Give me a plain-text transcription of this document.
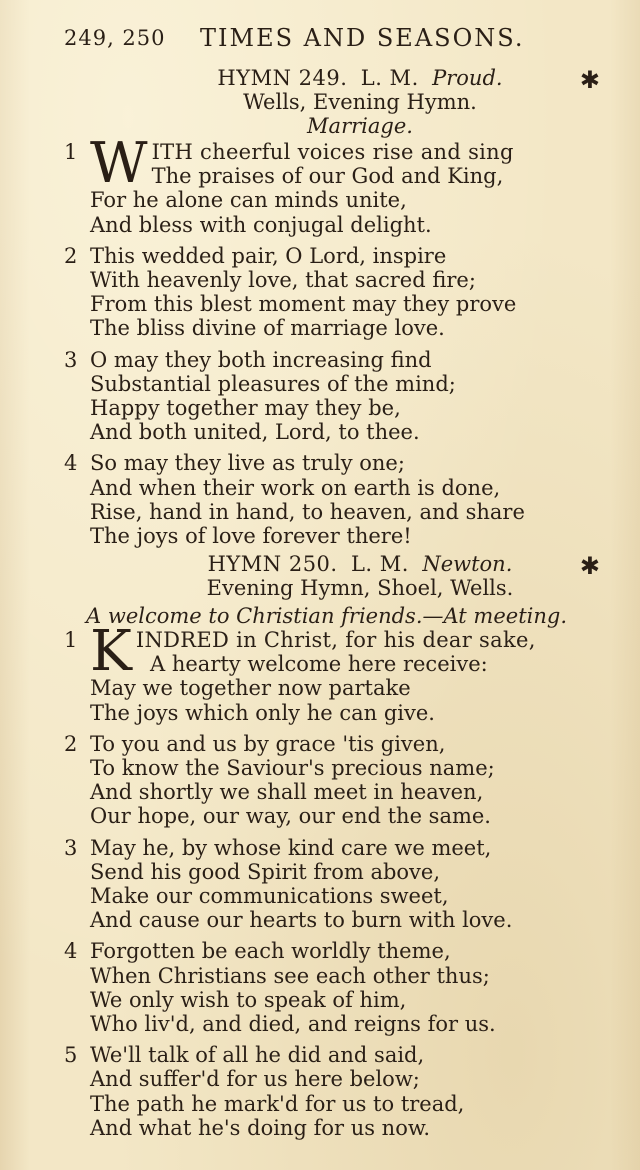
249, 250 TIMES AND SEASONS.
✱
HYMN 249. L. M. Proud.
Wells, Evening Hymn.
Marriage.
1 W ITH cheerful voices rise and sing
The praises of our God and King,
For he alone can minds unite,
And bless with conjugal delight.
2 This wedded pair, O Lord, inspire
With heavenly love, that sacred fire;
From this blest moment may they prove
The bliss divine of marriage love.
3 O may they both increasing find
Substantial pleasures of the mind;
Happy together may they be,
And both united, Lord, to thee.
4 So may they live as truly one;
And when their work on earth is done,
Rise, hand in hand, to heaven, and share
The joys of love forever there!
✱
HYMN 250. L. M. Newton.
Evening Hymn, Shoel, Wells.
A welcome to Christian friends.—At meeting.
1 K INDRED in Christ, for his dear sake,
A hearty welcome here receive:
May we together now partake
The joys which only he can give.
2 To you and us by grace 'tis given,
To know the Saviour's precious name;
And shortly we shall meet in heaven,
Our hope, our way, our end the same.
3 May he, by whose kind care we meet,
Send his good Spirit from above,
Make our communications sweet,
And cause our hearts to burn with love.
4 Forgotten be each worldly theme,
When Christians see each other thus;
We only wish to speak of him,
Who liv'd, and died, and reigns for us.
5 We'll talk of all he did and said,
And suffer'd for us here below;
The path he mark'd for us to tread,
And what he's doing for us now.
